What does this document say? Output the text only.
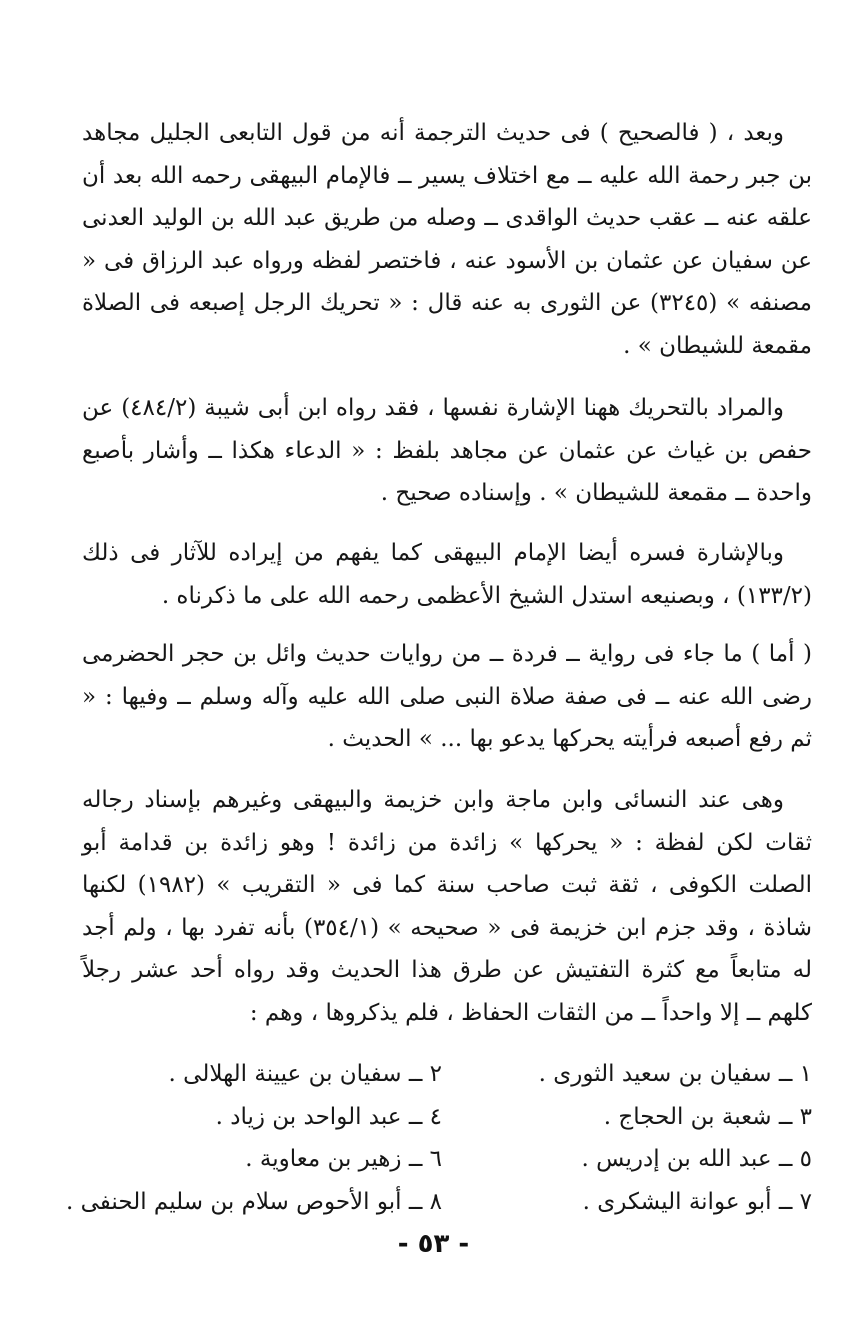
وبعد ، ( فالصحيح ) فى حديث الترجمة أنه من قول التابعى الجليل مجاهد بن جبر رحمة الله عليه ــ مع اختلاف يسير ــ فالإمام البيهقى رحمه الله بعد أن علقه عنه ــ عقب حديث الواقدى ــ وصله من طريق عبد الله بن الوليد العدنى عن سفيان عن عثمان بن الأسود عنه ، فاختصر لفظه ورواه عبد الرزاق فى « مصنفه » (٣٢٤٥) عن الثورى به عنه قال : « تحريك الرجل إصبعه فى الصلاة مقمعة للشيطان » .

والمراد بالتحريك ههنا الإشارة نفسها ، فقد رواه ابن أبى شيبة (٤٨٤/٢) عن حفص بن غياث عن عثمان عن مجاهد بلفظ : « الدعاء هكذا ــ وأشار بأصبع واحدة ــ مقمعة للشيطان » . وإسناده صحيح .

وبالإشارة فسره أيضا الإمام البيهقى كما يفهم من إيراده للآثار فى ذلك (١٣٣/٢) ، وبصنيعه استدل الشيخ الأعظمى رحمه الله على ما ذكرناه .

( أما ) ما جاء فى رواية ــ فردة ــ من روايات حديث وائل بن حجر الحضرمى رضى الله عنه ــ فى صفة صلاة النبى صلى الله عليه وآله وسلم ــ وفيها : « ثم رفع أصبعه فرأيته يحركها يدعو بها ... » الحديث .

وهى عند النسائى وابن ماجة وابن خزيمة والبيهقى وغيرهم بإسناد رجاله ثقات لكن لفظة : « يحركها » زائدة من زائدة ! وهو زائدة بن قدامة أبو الصلت الكوفى ، ثقة ثبت صاحب سنة كما فى « التقريب » (١٩٨٢) لكنها شاذة ، وقد جزم ابن خزيمة فى « صحيحه » (٣٥٤/١) بأنه تفرد بها ، ولم أجد له متابعاً مع كثرة التفتيش عن طرق هذا الحديث وقد رواه أحد عشر رجلاً كلهم ــ إلا واحداً ــ من الثقات الحفاظ ، فلم يذكروها ، وهم :

١ ــ سفيان بن سعيد الثورى .
٢ ــ سفيان بن عيينة الهلالى .
٣ ــ شعبة بن الحجاج .
٤ ــ عبد الواحد بن زياد .
٥ ــ عبد الله بن إدريس .
٦ ــ زهير بن معاوية .
٧ ــ أبو عوانة اليشكرى .
٨ ــ أبو الأحوص سلام بن سليم الحنفى .
- ٥٣ -
